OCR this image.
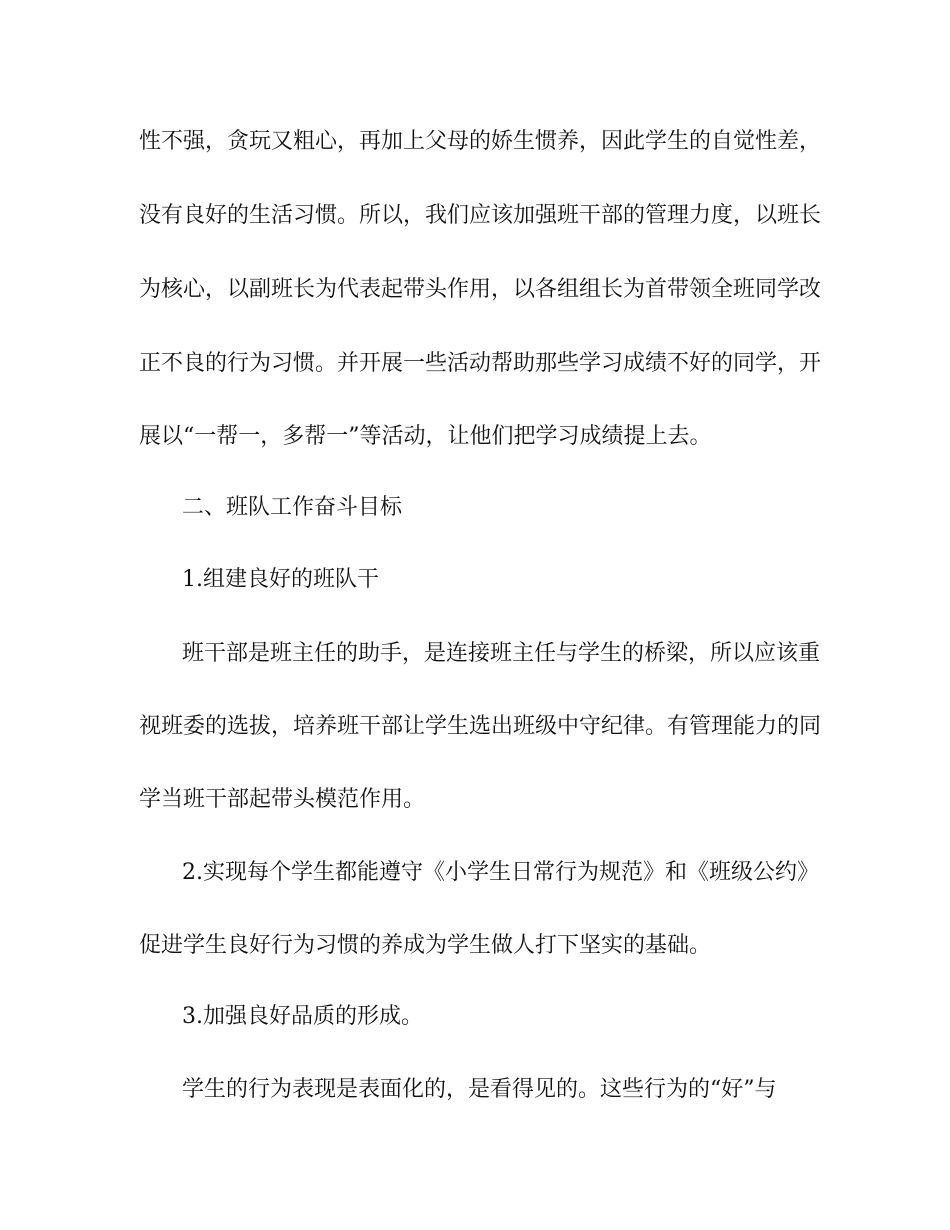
性不强，贪玩又粗心，再加上父母的娇生惯养，因此学生的自觉性差，
没有良好的生活习惯。所以，我们应该加强班干部的管理力度，以班长
为核心，以副班长为代表起带头作用，以各组组长为首带领全班同学改
正不良的行为习惯。并开展一些活动帮助那些学习成绩不好的同学，开
展以“一帮一，多帮一”等活动，让他们把学习成绩提上去。
二、班队工作奋斗目标
1.组建良好的班队干
班干部是班主任的助手，是连接班主任与学生的桥梁，所以应该重
视班委的选拔，培养班干部让学生选出班级中守纪律。有管理能力的同
学当班干部起带头模范作用。
2.实现每个学生都能遵守《小学生日常行为规范》和《班级公约》
促进学生良好行为习惯的养成为学生做人打下坚实的基础。
3.加强良好品质的形成。
学生的行为表现是表面化的，是看得见的。这些行为的“好”与
